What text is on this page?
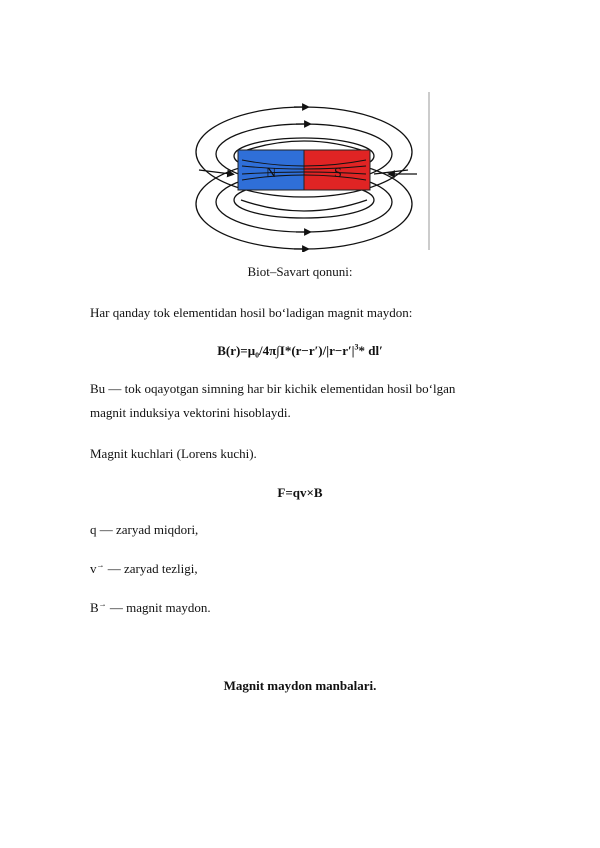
N	S
Biot–Savart qonuni:
Har qanday tok elementidan hosil bo‘ladigan magnit maydon:
$B(r)=\mu_0/4\pi\int I*(r-r')/|r-r'|^3*$ dl′
Bu — tok oqayotgan simning har bir kichik elementidan hosil bo‘lgan
magnit induksiya vektorini hisoblaydi.
Magnit kuchlari (Lorens kuchi).
F=qv×B
q — zaryad miqdori,
v→ — zaryad tezligi,
B→ — magnit maydon.
Magnit maydon manbalari.
